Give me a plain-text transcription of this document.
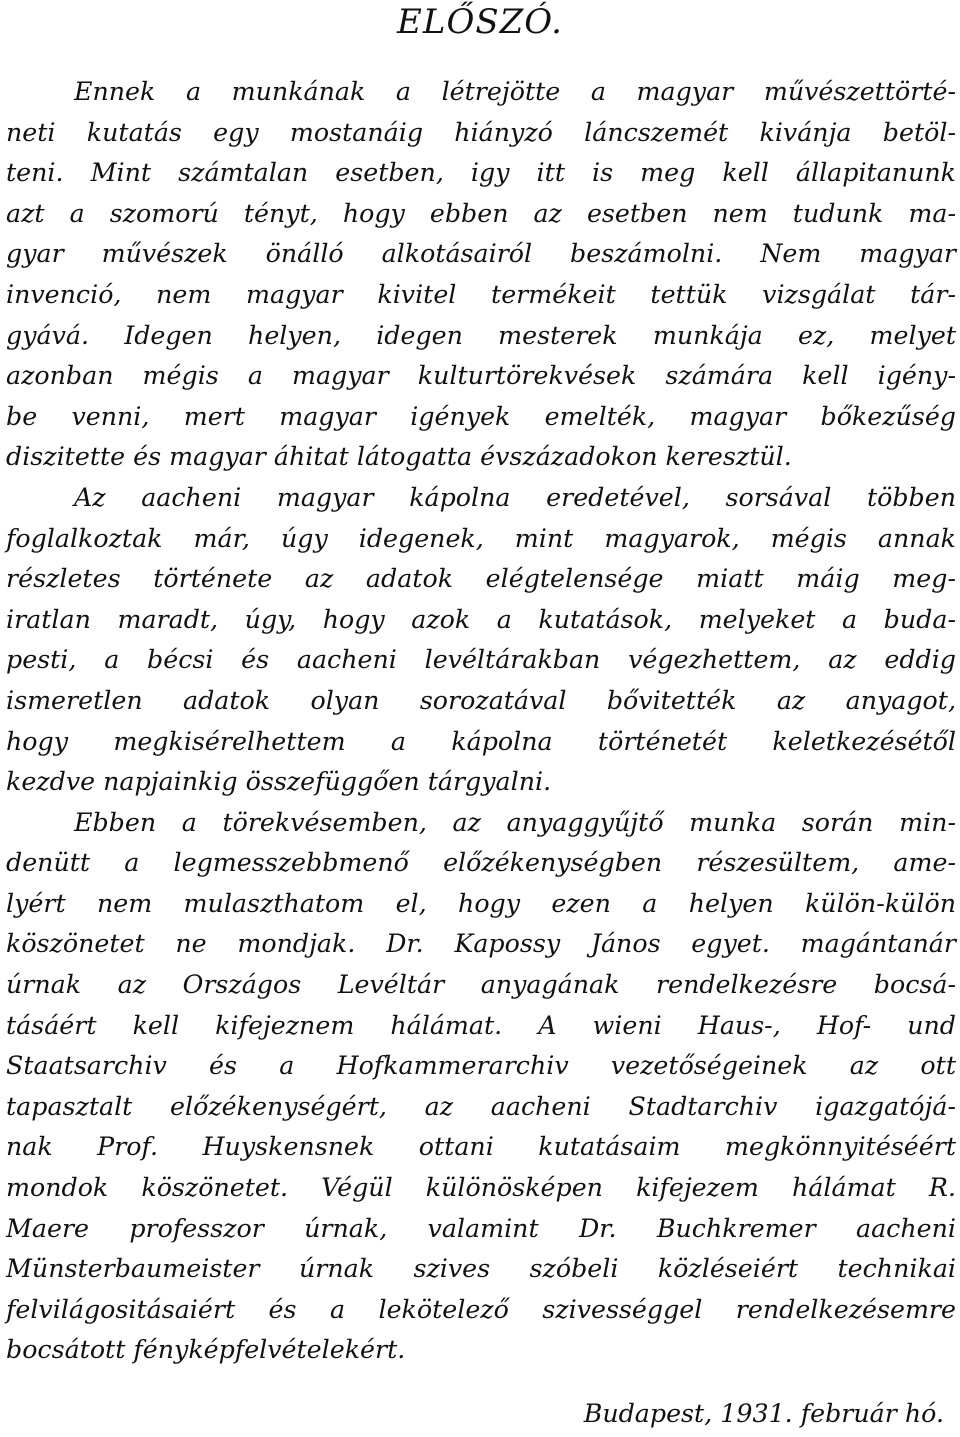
ELŐSZÓ.
Ennek a munkának a létrejötte a magyar művészettörté-
neti kutatás egy mostanáig hiányzó láncszemét kivánja betöl-
teni. Mint számtalan esetben, igy itt is meg kell állapitanunk
azt a szomorú tényt, hogy ebben az esetben nem tudunk ma-
gyar művészek önálló alkotásairól beszámolni. Nem magyar
invenció, nem magyar kivitel termékeit tettük vizsgálat tár-
gyává. Idegen helyen, idegen mesterek munkája ez, melyet
azonban mégis a magyar kulturtörekvések számára kell igény-
be venni, mert magyar igények emelték, magyar bőkezűség
diszitette és magyar áhitat látogatta évszázadokon keresztül.
Az aacheni magyar kápolna eredetével, sorsával többen
foglalkoztak már, úgy idegenek, mint magyarok, mégis annak
részletes története az adatok elégtelensége miatt máig meg-
iratlan maradt, úgy, hogy azok a kutatások, melyeket a buda-
pesti, a bécsi és aacheni levéltárakban végezhettem, az eddig
ismeretlen adatok olyan sorozatával bővitették az anyagot,
hogy megkisérelhettem a kápolna történetét keletkezésétől
kezdve napjainkig összefüggően tárgyalni.
Ebben a törekvésemben, az anyaggyűjtő munka során min-
denütt a legmesszebbmenő előzékenységben részesültem, ame-
lyért nem mulaszthatom el, hogy ezen a helyen külön-külön
köszönetet ne mondjak. Dr. Kapossy János egyet. magántanár
úrnak az Országos Levéltár anyagának rendelkezésre bocsá-
tásáért kell kifejeznem hálámat. A wieni Haus-, Hof- und
Staatsarchiv és a Hofkammerarchiv vezetőségeinek az ott
tapasztalt előzékenységért, az aacheni Stadtarchiv igazgatójá-
nak Prof. Huyskensnek ottani kutatásaim megkönnyitéséért
mondok köszönetet. Végül különösképen kifejezem hálámat R.
Maere professzor úrnak, valamint Dr. Buchkremer aacheni
Münsterbaumeister úrnak szives szóbeli közléseiért technikai
felvilágositásaiért és a lekötelező szivességgel rendelkezésemre
bocsátott fényképfelvételekért.
Budapest, 1931. február hó.
